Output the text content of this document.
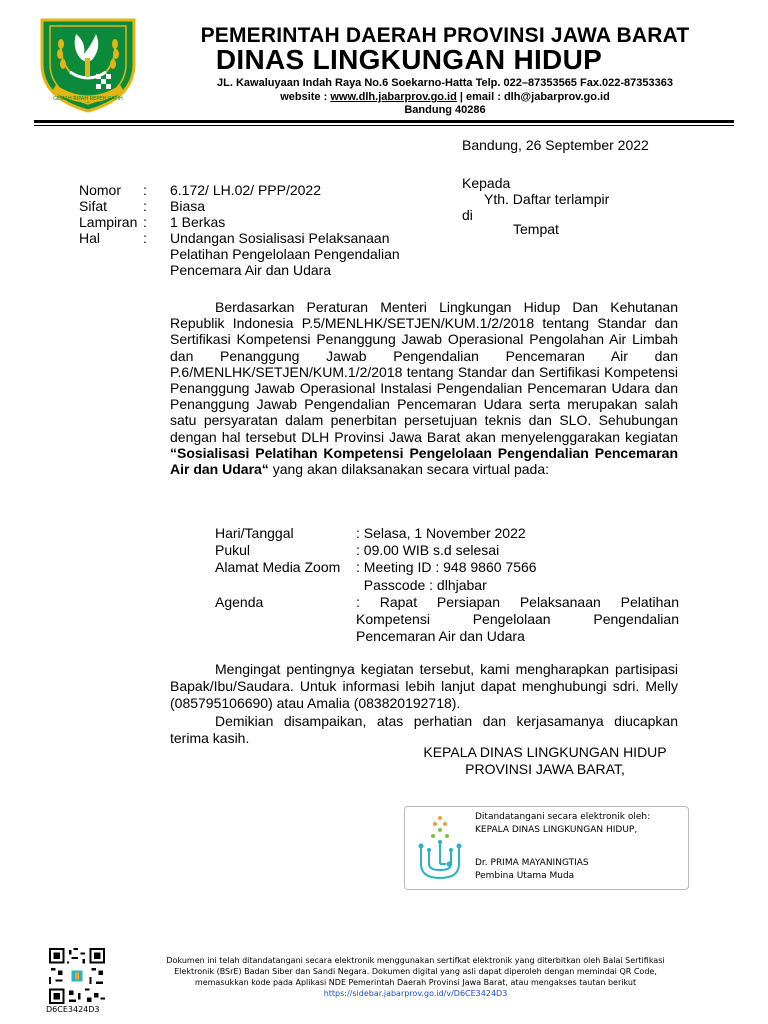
GEMAH RIPAH REPEH RAPIH
PEMERINTAH DAERAH PROVINSI JAWA BARAT
DINAS LINGKUNGAN HIDUP
JL. Kawaluyaan Indah Raya No.6 Soekarno-Hatta Telp. 022–87353565 Fax.022-87353363
website : www.dlh.jabarprov.go.id | email : dlh@jabarprov.go.id
Bandung 40286
Bandung, 26 September 2022
Nomor	:	6.172/ LH.02/ PPP/2022
Sifat	:	Biasa
Lampiran :	1 Berkas
Hal	:	Undangan Sosialisasi Pelaksanaan Pelatihan Pengelolaan Pengendalian Pencemara Air dan Udara
Kepada
Yth. Daftar terlampir
di
Tempat

Berdasarkan Peraturan Menteri Lingkungan Hidup Dan Kehutanan Republik Indonesia P.5/MENLHK/SETJEN/KUM.1/2/2018 tentang Standar dan Sertifikasi Kompetensi Penanggung Jawab Operasional Pengolahan Air Limbah dan Penanggung Jawab Pengendalian Pencemaran Air dan P.6/MENLHK/SETJEN/KUM.1/2/2018 tentang Standar dan Sertifikasi Kompetensi Penanggung Jawab Operasional Instalasi Pengendalian Pencemaran Udara dan Penanggung Jawab Pengendalian Pencemaran Udara serta merupakan salah satu persyaratan dalam penerbitan persetujuan teknis dan SLO. Sehubungan dengan hal tersebut DLH Provinsi Jawa Barat akan menyelenggarakan kegiatan “Sosialisasi Pelatihan Kompetensi Pengelolaan Pengendalian Pencemaran Air dan Udara“ yang akan dilaksanakan secara virtual pada:

Hari/Tanggal	: Selasa, 1 November 2022
Pukul	: 09.00 WIB s.d selesai
Alamat Media Zoom	: Meeting ID : 948 9860 7566
Passcode : dlhjabar
Agenda	: Rapat Persiapan Pelaksanaan Pelatihan Kompetensi Pengelolaan Pengendalian Pencemaran Air dan Udara

Mengingat pentingnya kegiatan tersebut, kami mengharapkan partisipasi Bapak/Ibu/Saudara. Untuk informasi lebih lanjut dapat menghubungi sdri. Melly (085795106690) atau Amalia (083820192718).

Demikian disampaikan, atas perhatian dan kerjasamanya diucapkan terima kasih.

KEPALA DINAS LINGKUNGAN HIDUP
PROVINSI JAWA BARAT,
Ditandatangani secara elektronik oleh:
KEPALA DINAS LINGKUNGAN HIDUP,
Dr. PRIMA MAYANINGTIAS
Pembina Utama Muda
D6CE3424D3
Dokumen ini telah ditandatangani secara elektronik menggunakan sertifkat elektronik yang diterbitkan oleh Balai Sertifikasi
Elektronik (BSrE) Badan Siber dan Sandi Negara. Dokumen digital yang asli dapat diperoleh dengan memindai QR Code,
memasukkan kode pada Aplikasi NDE Pemerintah Daerah Provinsi Jawa Barat, atau mengakses tautan berikut
https://sidebar.jabarprov.go.id/v/D6CE3424D3
